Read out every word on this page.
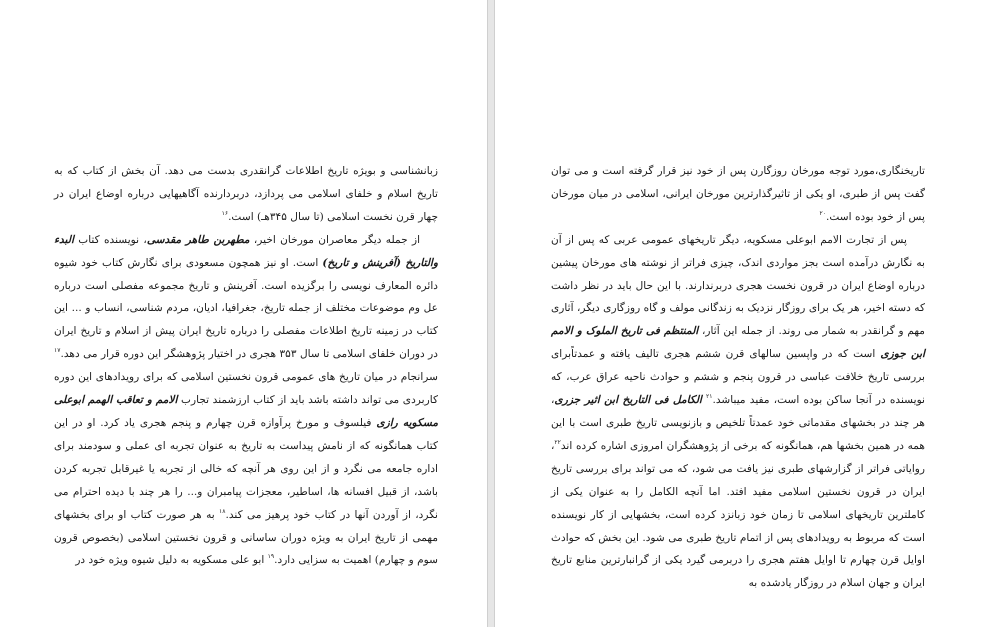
زبانشناسی و بویژه تاریخ اطلاعات گرانقدری بدست می دهد. آن بخش از کتاب که به تاریخ اسلام و خلفای اسلامی می پردازد، دربردارنده آگاهیهایی درباره اوضاع ایران در چهار قرن نخست اسلامی (تا سال ۳۴۵هـ) است.$^{۱۶}$

از جمله دیگر معاصران مورخان اخیر، مطهربن طاهر مقدسی، نویسنده کتاب البدء والتاریخ (آفرینش و تاریخ) است. او نیز همچون مسعودی برای نگارش کتاب خود شیوه دائره المعارف نویسی را برگزیده است. آفرینش و تاریخ مجموعه مفصلی است درباره عل وم موضوعات مختلف از جمله تاریخ، جغرافیا، ادیان، مردم شناسی، انساب و ... این کتاب در زمینه تاریخ اطلاعات مفصلی را درباره تاریخ ایران پیش از اسلام و تاریخ ایران در دوران خلفای اسلامی تا سال ۳۵۳ هجری در اختیار پژوهشگر این دوره قرار می دهد.$^{۱۷}$ سرانجام در میان تاریخ های عمومی قرون نخستین اسلامی که برای رویدادهای این دوره کاربردی می تواند داشته باشد باید از کتاب ارزشمند تجارب الامم و تعاقب الهمم ابوعلی مسکویه رازی فیلسوف و مورخ پرآوازه قرن چهارم و پنجم هجری یاد کرد. او در این کتاب همانگونه که از نامش پیداست به تاریخ به عنوان تجربه ای عملی و سودمند برای اداره جامعه می نگرد و از این روی هر آنچه که خالی از تجربه یا غیرقابل تجربه کردن باشد، از قبیل افسانه ها، اساطیر، معجزات پیامبران و... را هر چند با دیده احترام می نگرد، از آوردن آنها در کتاب خود پرهیز می کند.$^{۱۸}$ به هر صورت کتاب او برای بخشهای مهمی از تاریخ ایران به ویژه دوران ساسانی و قرون نخستین اسلامی (بخصوص قرون سوم و چهارم) اهمیت به سزایی دارد.$^{۱۹}$ ابو علی مسکویه به دلیل شیوه ویژه خود در

تاریخنگاری،مورد توجه مورخان روزگارن پس از خود نیز قرار گرفته است و می توان گفت پس از طبری، او یکی از تاثیرگذارترین مورخان ایرانی، اسلامی در میان مورخان پس از خود بوده است.$^{۲۰}$

پس از تجارت الامم ابوعلی مسکویه، دیگر تاریخهای عمومی عربی که پس از آن به نگارش درآمده است بجز مواردی اندک، چیزی فراتر از نوشته های مورخان پیشین درباره اوضاع ایران در قرون نخست هجری دربرندارند. با این حال باید در نظر داشت که دسته اخیر، هر یک برای روزگار نزدیک به زندگانی مولف و گاه روزگاری دیگر، آثاری مهم و گرانقدر به شمار می روند. از جمله این آثار، المنتظم فی تاریخ الملوک و الامم ابن جوزی است که در واپسین سالهای قرن ششم هجری تالیف یافته و عمدتاًبرای بررسی تاریخ خلافت عباسی در قرون پنجم و ششم و حوادث ناحیه عراق عرب، که نویسنده در آنجا ساکن بوده است، مفید میباشد.$^{۲۱}$ الکامل فی التاریخ ابن اثیر جزری، هر چند در بخشهای مقدماتی خود عمدتاً تلخیص و بازنویسی تاریخ طبری است با این همه در همین بخشها هم، همانگونه که برخی از پژوهشگران امروزی اشاره کرده اند$^{۲۲}$، روایاتی فراتر از گزارشهای طبری نیز یافت می شود، که می تواند برای بررسی تاریخ ایران در قرون نخستین اسلامی مفید افتد. اما آنچه الکامل را به عنوان یکی از کاملترین تاریخهای اسلامی تا زمان خود زبانزد کرده است، بخشهایی از کار نویسنده است که مربوط به رویدادهای پس از اتمام تاریخ طبری می شود. این بخش که حوادث اوایل قرن چهارم تا اوایل هفتم هجری را دربرمی گیرد یکی از گرانبارترین منابع تاریخ ایران و جهان اسلام در روزگار یادشده به
